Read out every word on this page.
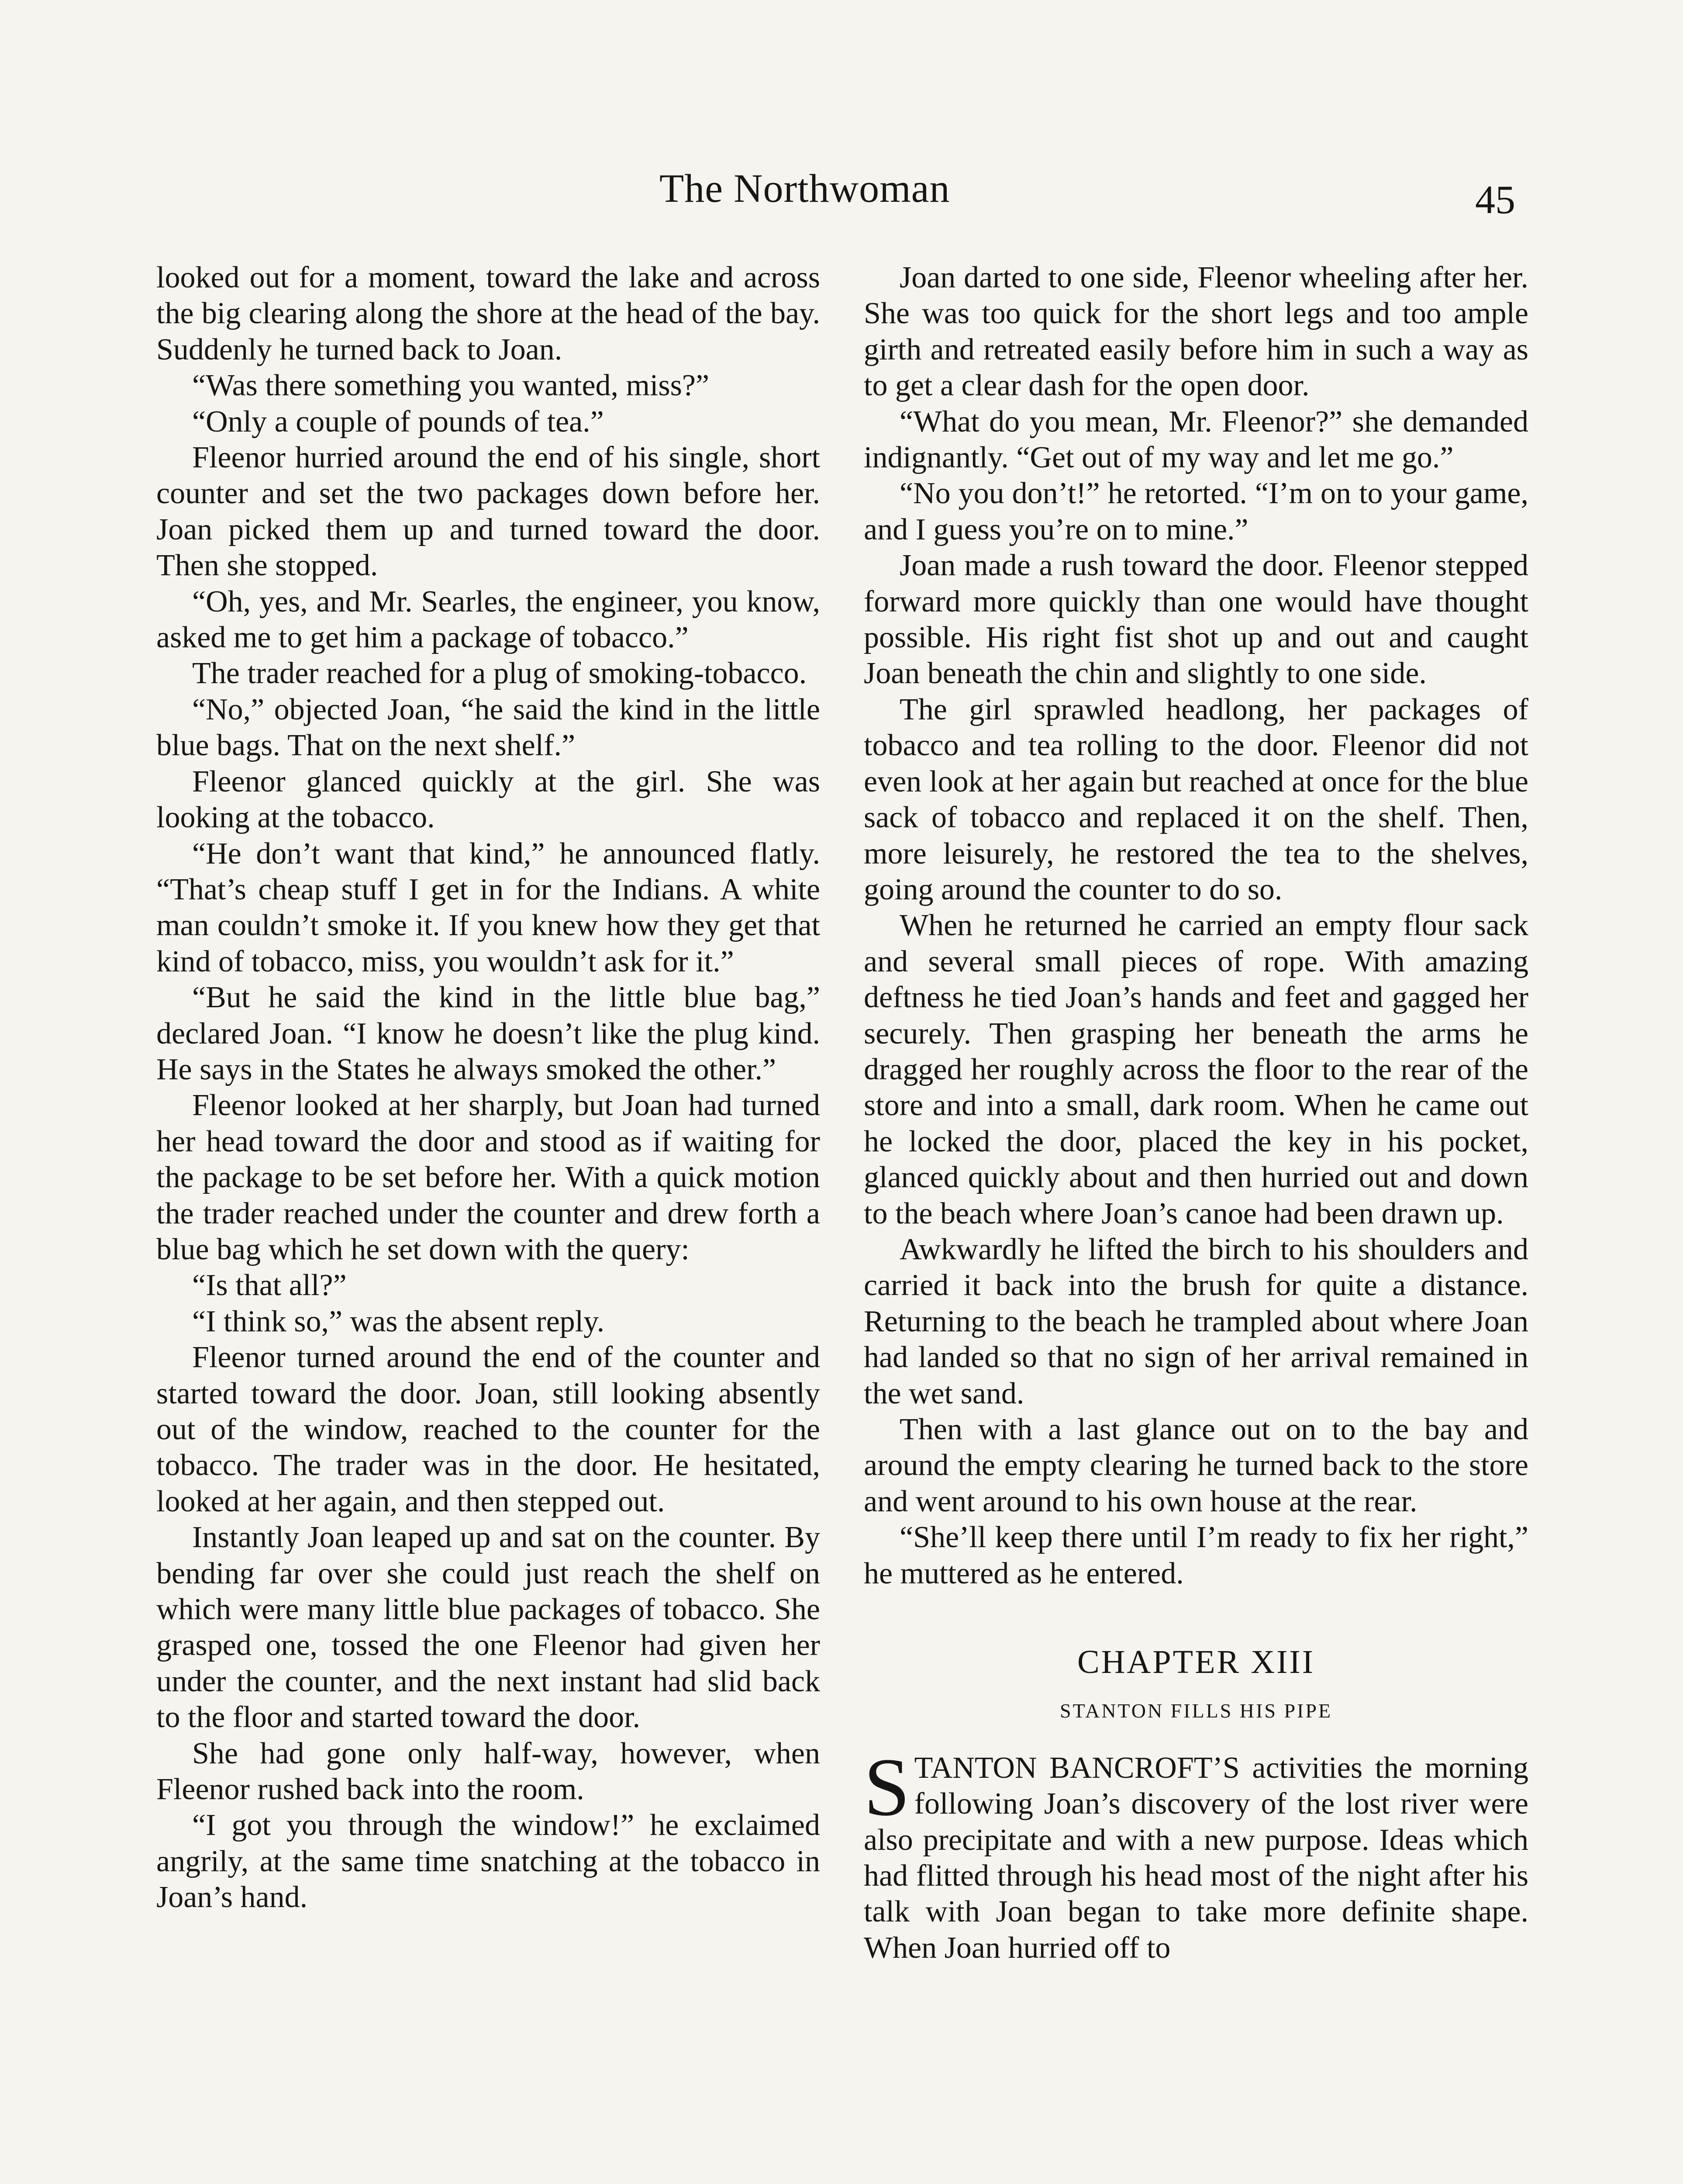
The Northwoman	45

looked out for a moment, toward the lake and across the big clearing along the shore at the head of the bay. Suddenly he turned back to Joan.

“Was there something you wanted, miss?”

“Only a couple of pounds of tea.”

Fleenor hurried around the end of his single, short counter and set the two packages down before her. Joan picked them up and turned toward the door. Then she stopped.

“Oh, yes, and Mr. Searles, the engineer, you know, asked me to get him a package of tobacco.”

The trader reached for a plug of smoking-tobacco.

“No,” objected Joan, “he said the kind in the little blue bags. That on the next shelf.”

Fleenor glanced quickly at the girl. She was looking at the tobacco.

“He don’t want that kind,” he announced flatly. “That’s cheap stuff I get in for the Indians. A white man couldn’t smoke it. If you knew how they get that kind of tobacco, miss, you wouldn’t ask for it.”

“But he said the kind in the little blue bag,” declared Joan. “I know he doesn’t like the plug kind. He says in the States he always smoked the other.”

Fleenor looked at her sharply, but Joan had turned her head toward the door and stood as if waiting for the package to be set before her. With a quick motion the trader reached under the counter and drew forth a blue bag which he set down with the query:

“Is that all?”

“I think so,” was the absent reply.

Fleenor turned around the end of the counter and started toward the door. Joan, still looking absently out of the window, reached to the counter for the tobacco. The trader was in the door. He hesitated, looked at her again, and then stepped out.

Instantly Joan leaped up and sat on the counter. By bending far over she could just reach the shelf on which were many little blue packages of tobacco. She grasped one, tossed the one Fleenor had given her under the counter, and the next instant had slid back to the floor and started toward the door.

She had gone only half-way, however, when Fleenor rushed back into the room.

“I got you through the window!” he exclaimed angrily, at the same time snatching at the tobacco in Joan’s hand.

Joan darted to one side, Fleenor wheeling after her. She was too quick for the short legs and too ample girth and retreated easily before him in such a way as to get a clear dash for the open door.

“What do you mean, Mr. Fleenor?” she demanded indignantly. “Get out of my way and let me go.”

“No you don’t!” he retorted. “I’m on to your game, and I guess you’re on to mine.”

Joan made a rush toward the door. Fleenor stepped forward more quickly than one would have thought possible. His right fist shot up and out and caught Joan beneath the chin and slightly to one side.

The girl sprawled headlong, her packages of tobacco and tea rolling to the door. Fleenor did not even look at her again but reached at once for the blue sack of tobacco and replaced it on the shelf. Then, more leisurely, he restored the tea to the shelves, going around the counter to do so.

When he returned he carried an empty flour sack and several small pieces of rope. With amazing deftness he tied Joan’s hands and feet and gagged her securely. Then grasping her beneath the arms he dragged her roughly across the floor to the rear of the store and into a small, dark room. When he came out he locked the door, placed the key in his pocket, glanced quickly about and then hurried out and down to the beach where Joan’s canoe had been drawn up.

Awkwardly he lifted the birch to his shoulders and carried it back into the brush for quite a distance. Returning to the beach he trampled about where Joan had landed so that no sign of her arrival remained in the wet sand.

Then with a last glance out on to the bay and around the empty clearing he turned back to the store and went around to his own house at the rear.

“She’ll keep there until I’m ready to fix her right,” he muttered as he entered.

CHAPTER XIII
STANTON FILLS HIS PIPE

STANTON BANCROFT’S activities the morning following Joan’s discovery of the lost river were also precipitate and with a new purpose. Ideas which had flitted through his head most of the night after his talk with Joan began to take more definite shape. When Joan hurried off to
